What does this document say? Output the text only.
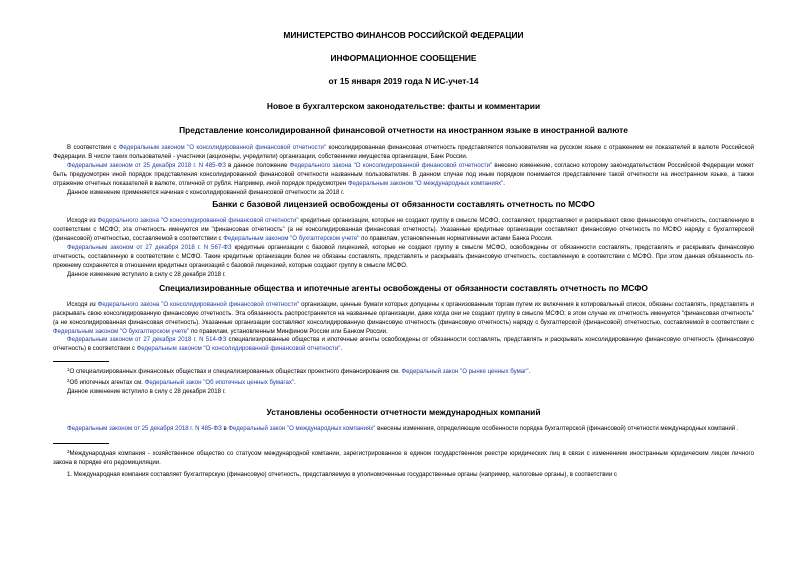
МИНИСТЕРСТВО ФИНАНСОВ РОССИЙСКОЙ ФЕДЕРАЦИИ
ИНФОРМАЦИОННОЕ СООБЩЕНИЕ
от 15 января 2019 года N ИС-учет-14
Новое в бухгалтерском законодательстве: факты и комментарии
Представление консолидированной финансовой отчетности на иностранном языке в иностранной валюте

В соответствии с Федеральным законом "О консолидированной финансовой отчетности" консолидированная финансовая отчетность представляется пользователям на русском языке с отражением ее показателей в валюте Российской Федерации. В числе таких пользователей - участники (акционеры, учредители) организации, собственники имущества организации, Банк России.

Федеральным законом от 25 декабря 2018 г. N 485-ФЗ в данное положение Федерального закона "О консолидированной финансовой отчетности" внесено изменение, согласно которому законодательством Российской Федерации может быть предусмотрен иной порядок представления консолидированной финансовой отчетности названным пользователям. В данном случае под иным порядком понимается представление такой отчетности на иностранном языке, а также отражение отчетных показателей в валюте, отличной от рубля. Например, иной порядок предусмотрен Федеральным законом "О международных компаниях".

Данное изменение применяется начиная с консолидированной финансовой отчетности за 2018 г.

Банки с базовой лицензией освобождены от обязанности составлять отчетность по МСФО

Исходя из Федерального закона "О консолидированной финансовой отчетности" кредитные организации, которые не создают группу в смысле МСФО, составляют, представляют и раскрывают свою финансовую отчетность, составленную в соответствии с МСФО; эта отчетность именуется им "финансовая отчетность" (а не консолидированная финансовая отчетность). Указанные кредитные организации составляют финансовую отчетность по МСФО наряду с бухгалтерской (финансовой) отчетностью, составляемой в соответствии с Федеральным законом "О бухгалтерском учете" по правилам, установленным нормативными актами Банка России.

Федеральным законом от 27 декабря 2018 г. N 567-ФЗ кредитные организации с базовой лицензией, которые не создают группу в смысле МСФО, освобождены от обязанности составлять, представлять и раскрывать финансовую отчетность, составленную в соответствии с МСФО. Такие кредитные организации более не обязаны составлять, представлять и раскрывать финансовую отчетность, составленную в соответствии с МСФО. При этом данная обязанность по-прежнему сохраняется в отношении кредитных организаций с базовой лицензией, которые создают группу в смысле МСФО.

Данное изменение вступило в силу с 28 декабря 2018 г.

Специализированные общества и ипотечные агенты освобождены от обязанности составлять отчетность по МСФО

Исходя из Федерального закона "О консолидированной финансовой отчетности" организации, ценные бумаги которых допущены к организованным торгам путем их включения в котировальный список, обязаны составлять, представлять и раскрывать свою консолидированную финансовую отчетность. Эта обязанность распространяется на названные организации, даже когда они не создают группу в смысле МСФО; в этом случае их отчетность именуется "финансовая отчетность" (а не консолидированная финансовая отчетность). Указанные организации составляют консолидированную финансовую отчетность (финансовую отчетность) наряду с бухгалтерской (финансовой) отчетностью, составляемой в соответствии с Федеральным законом "О бухгалтерском учете" по правилам, установленным Минфином России или Банком России.

Федеральным законом от 27 декабря 2018 г. N 514-ФЗ специализированные общества и ипотечные агенты освобождены от обязанности составлять, представлять и раскрывать консолидированную финансовую отчетность (финансовую отчетность) в соответствии с Федеральным законом "О консолидированной финансовой отчетности".

$^1$О специализированных финансовых обществах и специализированных обществах проектного финансирования см. Федеральный закон "О рынке ценных бумаг".

$^2$Об ипотечных агентах см. Федеральный закон "Об ипотечных ценных бумагах".

Данное изменение вступило в силу с 28 декабря 2018 г.

Установлены особенности отчетности международных компаний

Федеральным законом от 25 декабря 2018 г. N 485-ФЗ в Федеральный закон "О международных компаниях" внесены изменения, определяющие особенности порядка бухгалтерской (финансовой) отчетности международных компаний .

$^3$Международная компания - хозяйственное общество со статусом международной компании, зарегистрированное в едином государственном реестре юридических лиц в связи с изменением иностранным юридическим лицом личного закона в порядке его редомициляции.

1. Международная компания составляет бухгалтерскую (финансовую) отчетность, представляемую в уполномоченные государственные органы (например, налоговые органы), в соответствии с
